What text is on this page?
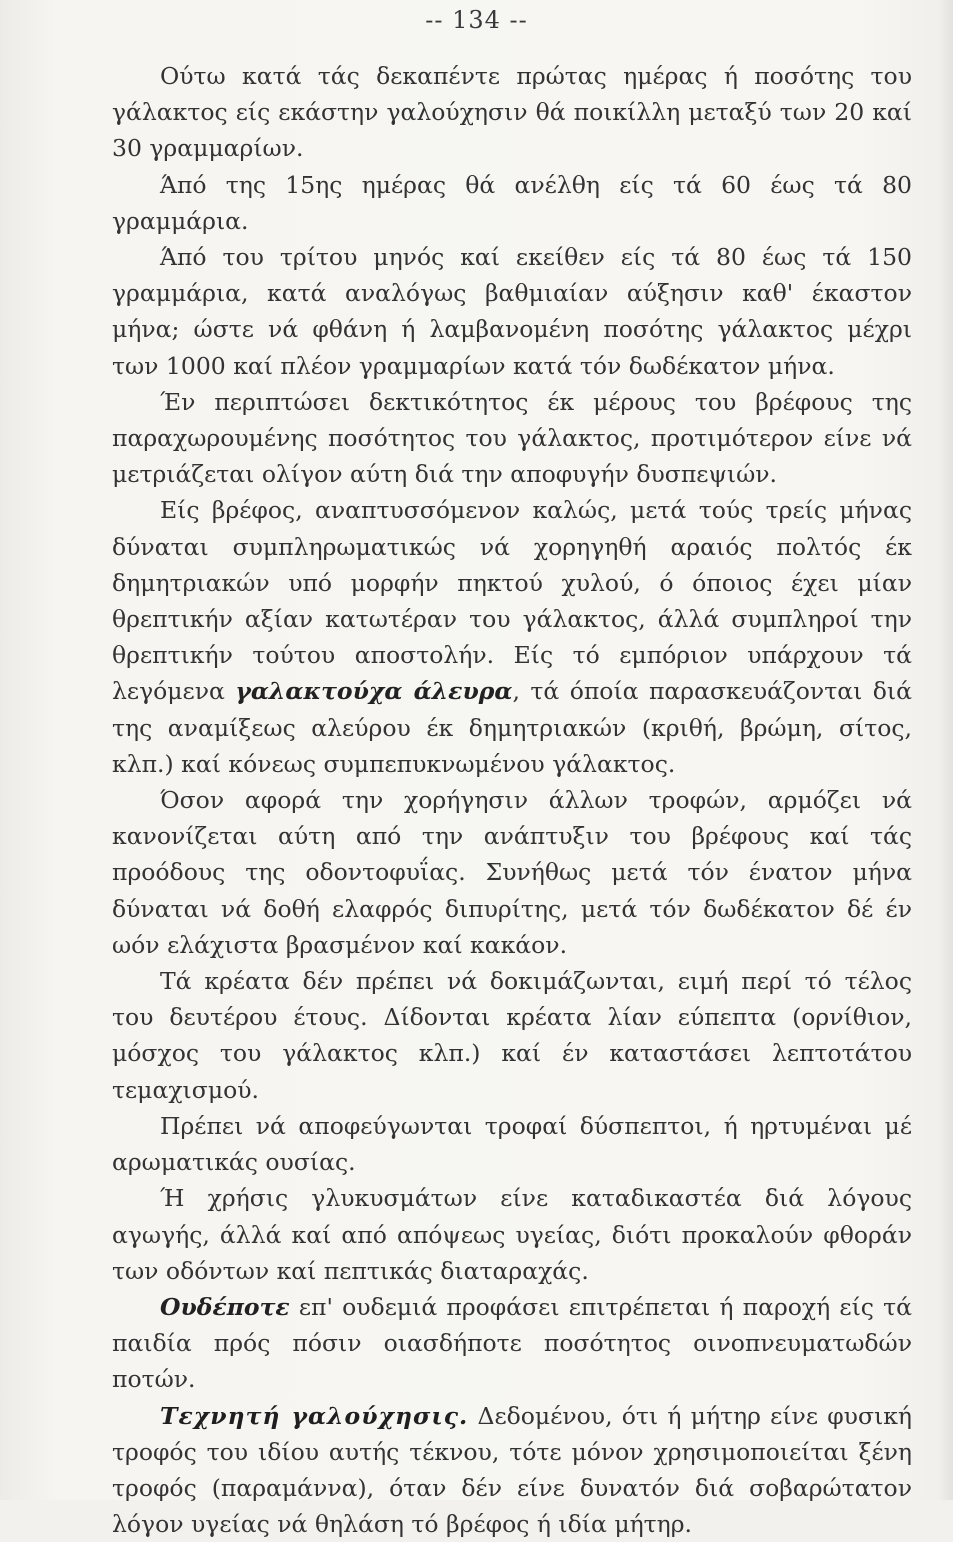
-- 134 --

Ούτω κατά τάς δεκαπέντε πρώτας ημέρας ή ποσότης του γάλακτος είς εκάστην γαλούχησιν θά ποικίλλη μεταξύ των 20 καί 30 γραμμαρίων.

Άπό της 15ης ημέρας θά ανέλθη είς τά 60 έως τά 80 γραμμάρια.

Άπό του τρίτου μηνός καί εκείθεν είς τά 80 έως τά 150 γραμμάρια, κατά αναλόγως βαθμιαίαν αύξησιν καθ' έκαστον μήνα; ώστε νά φθάνη ή λαμβανομένη ποσότης γάλακτος μέχρι των 1000 καί πλέον γραμμαρίων κατά τόν δωδέκατον μήνα.

Έν περιπτώσει δεκτικότητος έκ μέρους του βρέφους της παραχωρουμένης ποσότητος του γάλακτος, προτιμότερον είνε νά μετριάζεται ολίγον αύτη διά την αποφυγήν δυσπεψιών.

Είς βρέφος, αναπτυσσόμενον καλώς, μετά τούς τρείς μήνας δύναται συμπληρωματικώς νά χορηγηθή αραιός πολτός έκ δημητριακών υπό μορφήν πηκτού χυλού, ό όποιος έχει μίαν θρεπτικήν αξίαν κατωτέραν του γάλακτος, άλλά συμπληροί την θρεπτικήν τούτου αποστολήν. Είς τό εμπόριον υπάρχουν τά λεγόμενα γαλακτούχα άλευρα, τά όποία παρασκευάζονται διά της αναμίξεως αλεύρου έκ δημητριακών (κριθή, βρώμη, σίτος, κλπ.) καί κόνεως συμπεπυκνωμένου γάλακτος.

Όσον αφορά την χορήγησιν άλλων τροφών, αρμόζει νά κανονίζεται αύτη από την ανάπτυξιν του βρέφους καί τάς προόδους της οδοντοφυΐας. Συνήθως μετά τόν ένατον μήνα δύναται νά δοθή ελαφρός διπυρίτης, μετά τόν δωδέκατον δέ έν ωόν ελάχιστα βρασμένον καί κακάον.

Τά κρέατα δέν πρέπει νά δοκιμάζωνται, ειμή περί τό τέλος του δευτέρου έτους. Δίδονται κρέατα λίαν εύπεπτα (ορνίθιον, μόσχος του γάλακτος κλπ.) καί έν καταστάσει λεπτοτάτου τεμαχισμού.

Πρέπει νά αποφεύγωνται τροφαί δύσπεπτοι, ή ηρτυμέναι μέ αρωματικάς ουσίας.

Ή χρήσις γλυκυσμάτων είνε καταδικαστέα διά λόγους αγωγής, άλλά καί από απόψεως υγείας, διότι προκαλούν φθοράν των οδόντων καί πεπτικάς διαταραχάς.

Ουδέποτε επ' ουδεμιά προφάσει επιτρέπεται ή παροχή είς τά παιδία πρός πόσιν οιασδήποτε ποσότητος οινοπνευματωδών ποτών.

Τεχνητή γαλούχησις. Δεδομένου, ότι ή μήτηρ είνε φυσική τροφός του ιδίου αυτής τέκνου, τότε μόνον χρησιμοποιείται ξένη τροφός (παραμάννα), όταν δέν είνε δυνατόν διά σοβαρώτατον λόγον υγείας νά θηλάση τό βρέφος ή ιδία μήτηρ.
